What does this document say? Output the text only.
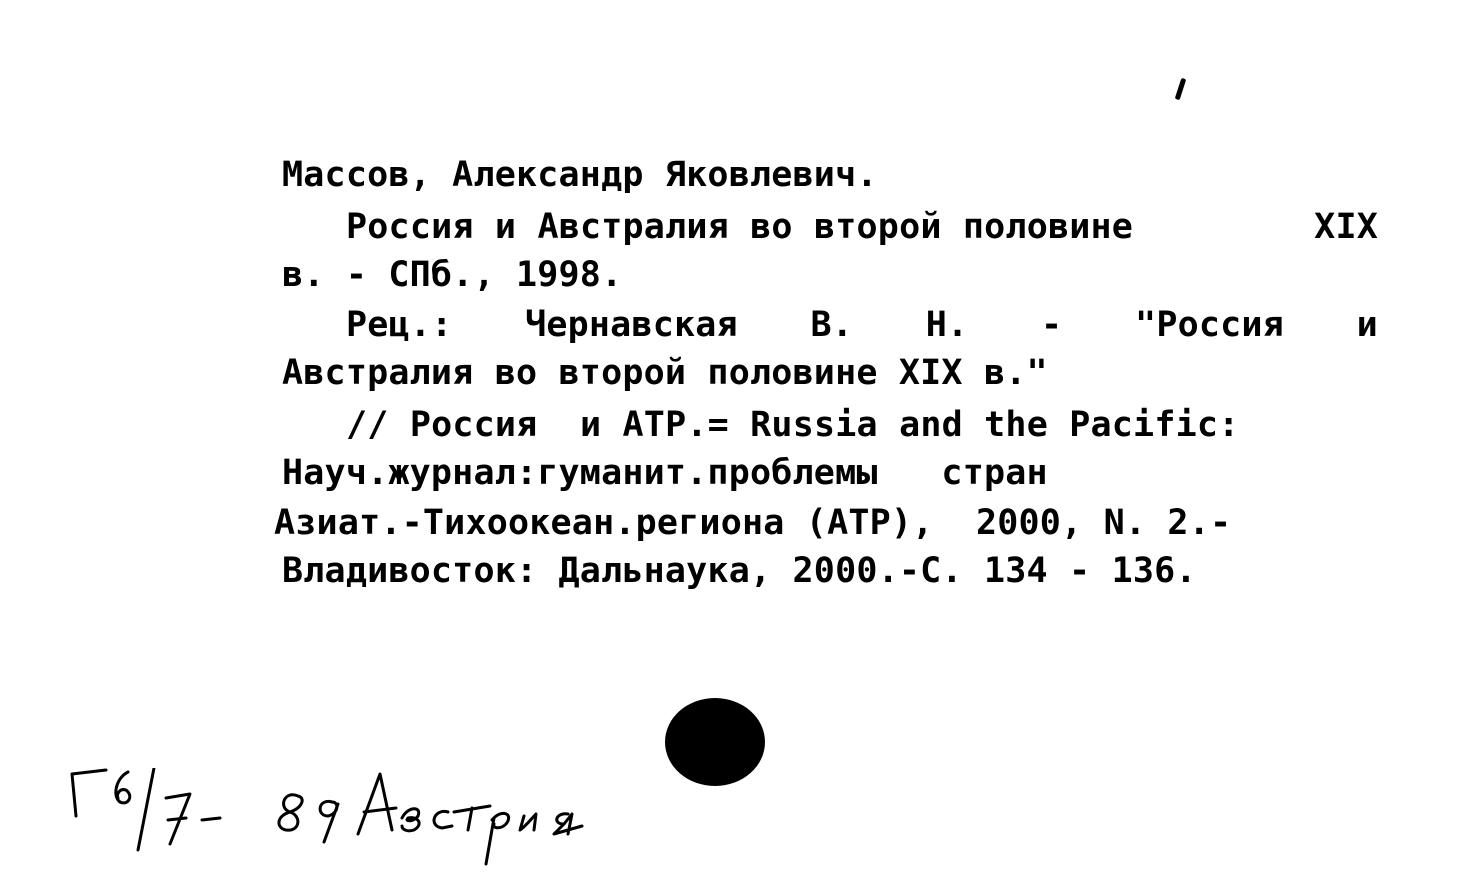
Массов, Александр Яковлевич.
Россия и Австралия во второй половине	XIX
в. - СПб., 1998.
Рец.: Чернавская В. Н. - "Россия и
Австралия во второй половине XIX в."
// Россия  и АТР.= Russia and the Pacific:
Науч.журнал:гуманит.проблемы   стран
Азиат.-Тихоокеан.региона (АТР),  2000, N. 2.-
Владивосток: Дальнаука, 2000.-С. 134 - 136.
